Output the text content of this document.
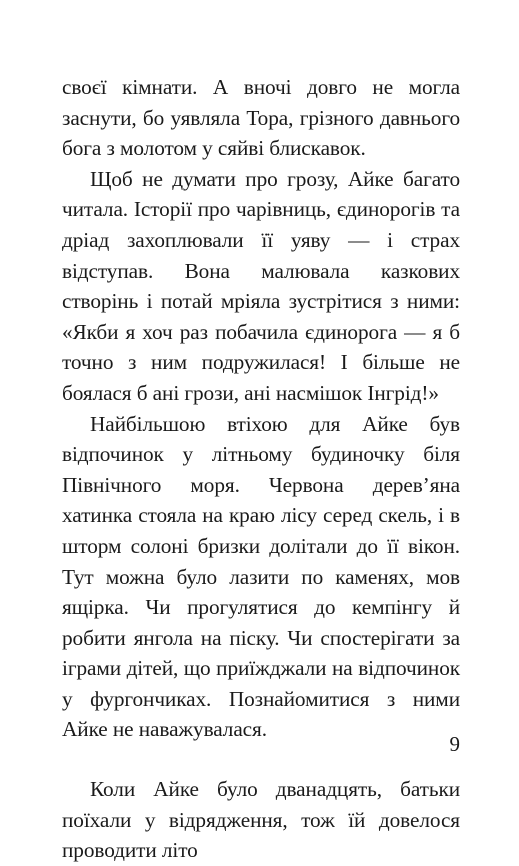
своєї кімнати. А вночі довго не могла заснути, бо уявляла Тора, грізного давнього бога з молотом у сяйві блискавок.

Щоб не думати про грозу, Айке багато читала. Історії про чарівниць, єдинорогів та дріад захоплювали її уяву — і страх відступав. Вона малювала казкових створінь і потай мріяла зустрітися з ними: «Якби я хоч раз побачила єдинорога — я б точно з ним подружилася! І більше не боялася б ані грози, ані насмішок Інгрід!»

Найбільшою втіхою для Айке був відпочинок у літньому будиночку біля Північного моря. Червона дерев’яна хатинка стояла на краю лісу серед скель, і в шторм солоні бризки долітали до її вікон. Тут можна було лазити по каменях, мов ящірка. Чи прогулятися до кемпінгу й робити янгола на піску. Чи спостерігати за іграми дітей, що приїжджали на відпочинок у фургончиках. Познайомитися з ними Айке не наважувалася.

Коли Айке було дванадцять, батьки поїхали у відрядження, тож їй довелося проводити літо

9
